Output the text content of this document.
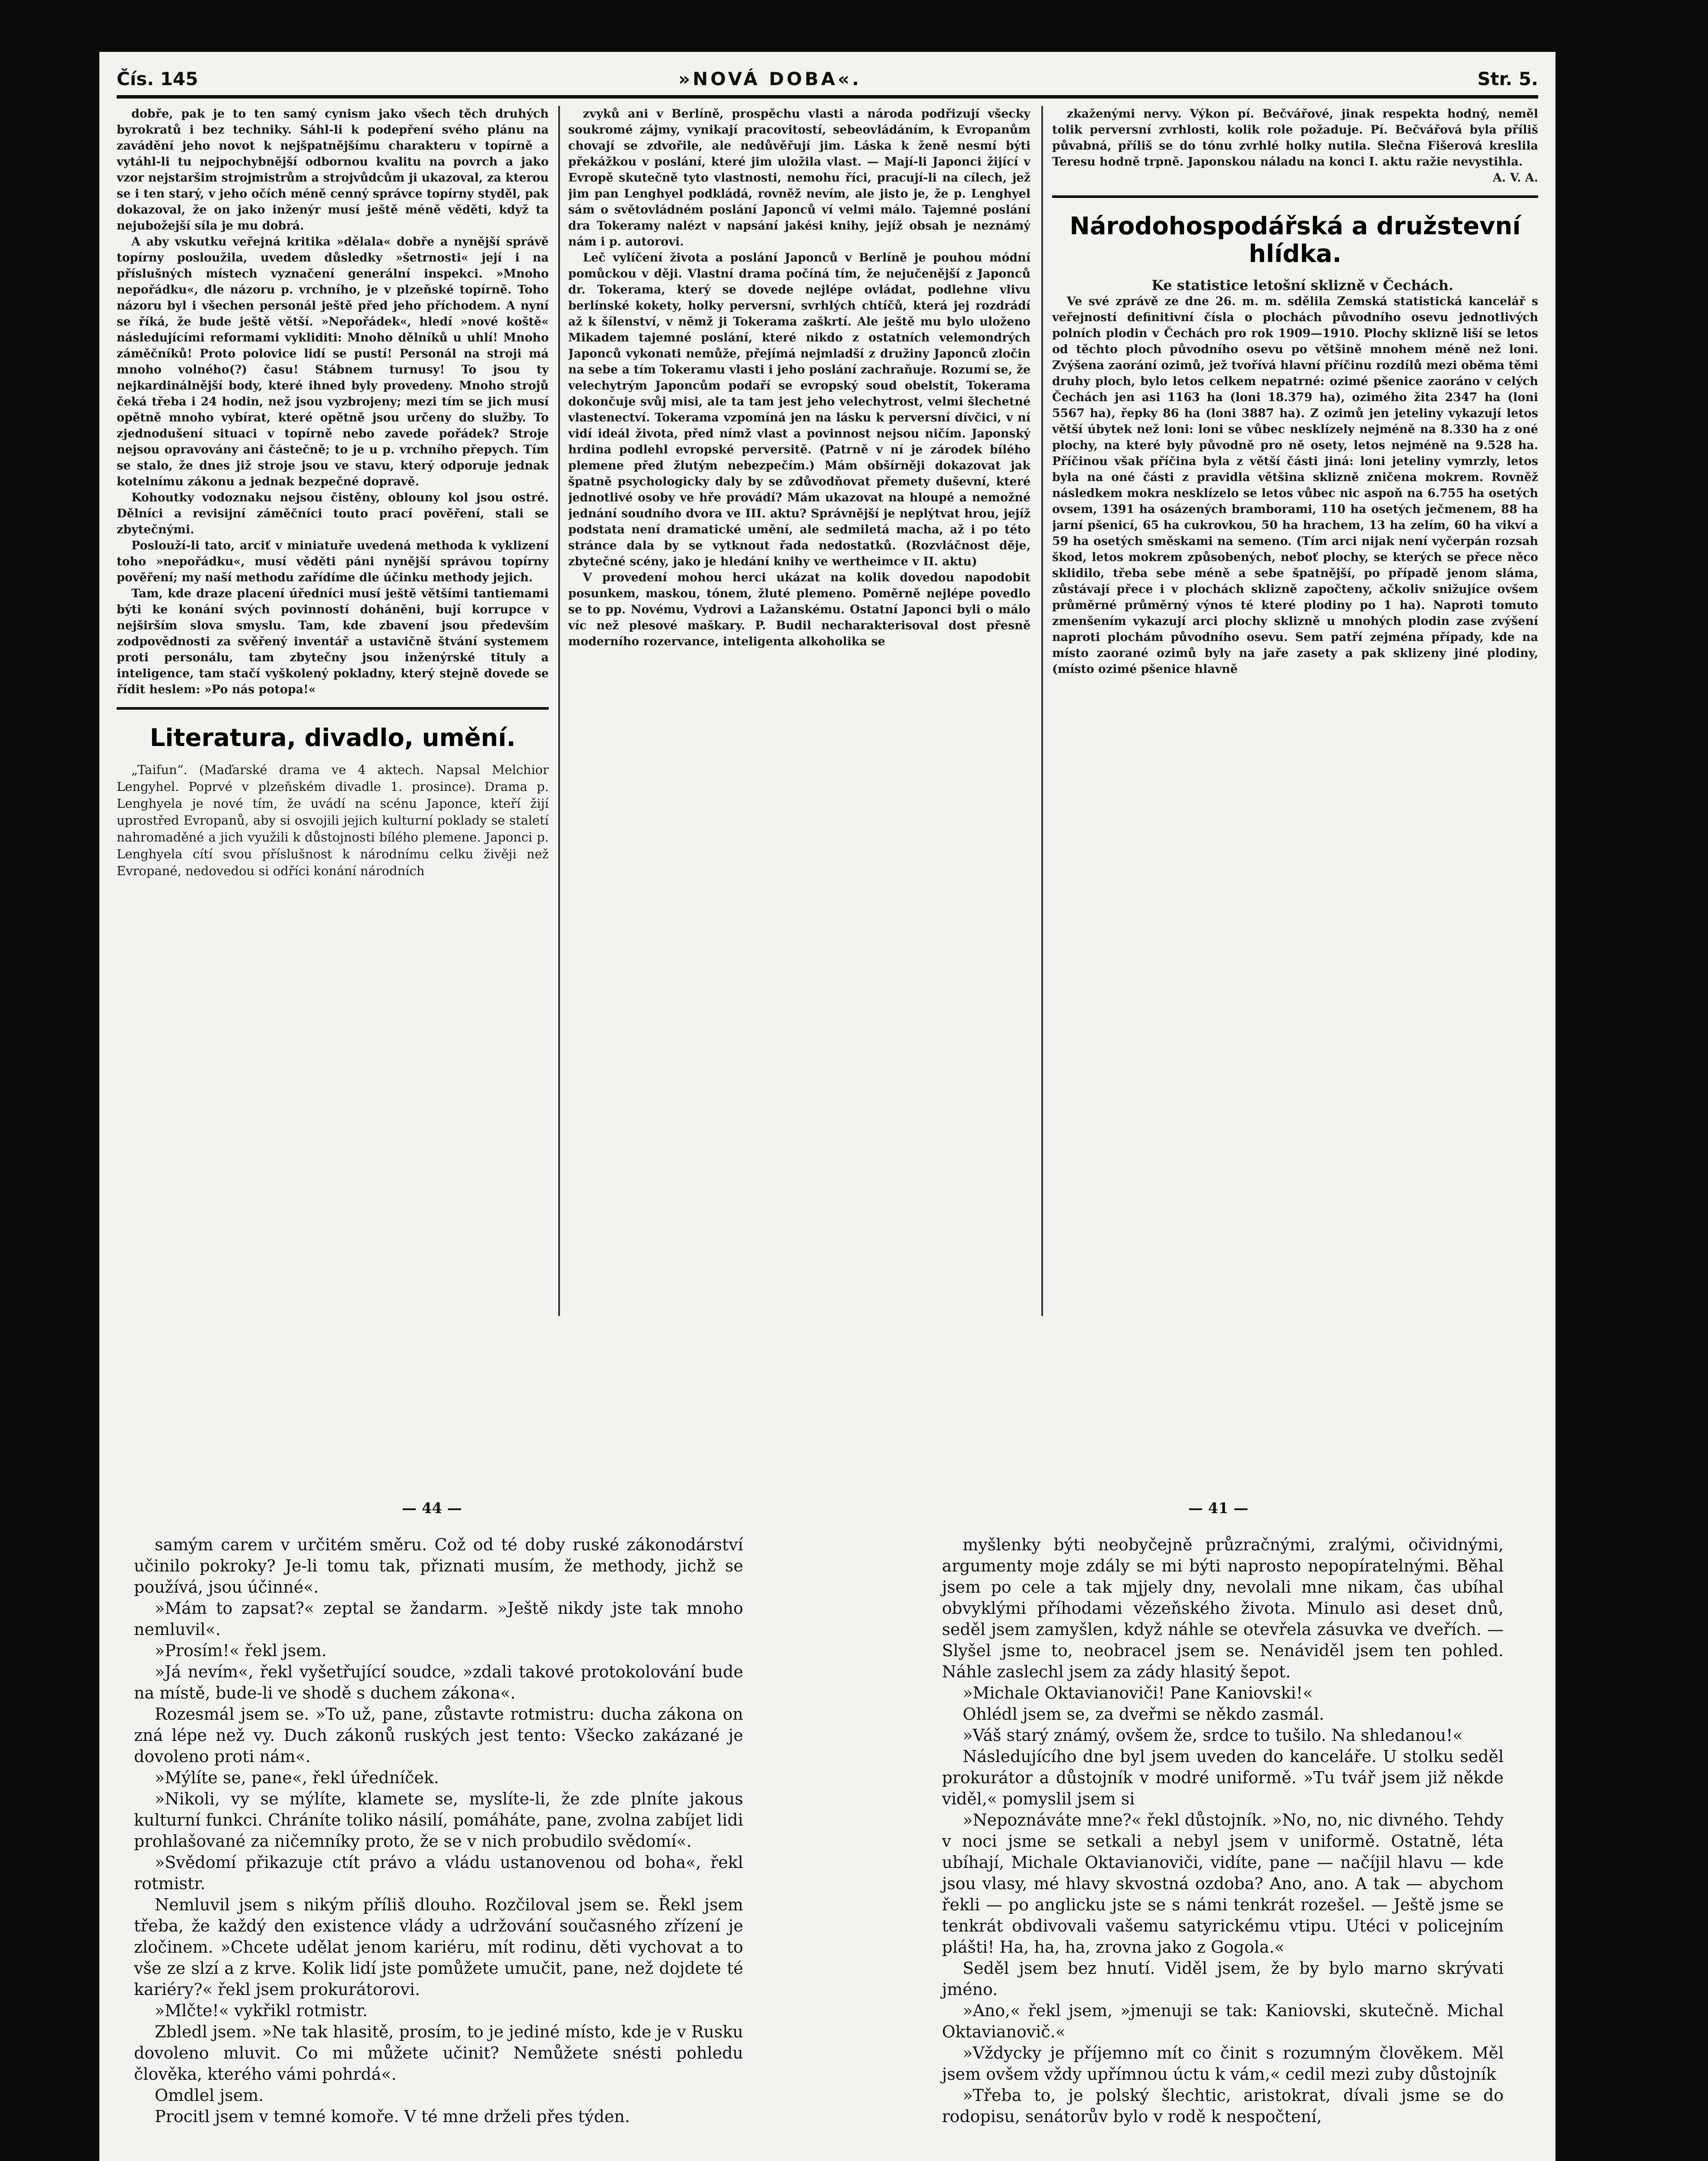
Čís. 145	»NOVÁ DOBA«.	Str. 5.

dobře, pak je to ten samý cynism jako všech těch druhých byrokratů i bez techniky. Sáhl-li k podepření svého plánu na zavádění jeho novot k nejšpatnějšímu charakteru v topírně a vytáhl-li tu nejpochybnější odbornou kvalitu na povrch a jako vzor nejstaršim strojmistrům a strojvůdcům ji ukazoval, za kterou se i ten starý, v jeho očích méně cenný správce topírny styděl, pak dokazoval, že on jako inženýr musí ještě méně věděti, když ta nejubožejší síla je mu dobrá.

A aby vskutku veřejná kritika »dělala« dobře a nynější správě topírny posloužila, uvedem důsledky »šetrnosti« její i na příslušných místech vyznačení generální inspekci. »Mnoho nepořádku«, dle názoru p. vrchního, je v plzeňské topírně. Toho názoru byl i všechen personál ještě před jeho příchodem. A nyní se říká, že bude ještě větší. »Nepořádek«, hledí »nové koště« následujícími reformami vykliditi: Mnoho dělníků u uhlí! Mnoho záměčníků! Proto polovice lidí se pustí! Personál na stroji má mnoho volného(?) času! Stábnem turnusy! To jsou ty nejkardinálnější body, které ihned byly provedeny. Mnoho strojů čeká třeba i 24 hodin, než jsou vyzbrojeny; mezi tím se jich musí opětně mnoho vybírat, které opětně jsou určeny do služby. To zjednodušení situaci v topírně nebo zavede pořádek? Stroje nejsou opravovány ani částečně; to je u p. vrchního přepych. Tím se stalo, že dnes již stroje jsou ve stavu, který odporuje jednak kotelnímu zákonu a jednak bezpečné dopravě.

Kohoutky vodoznaku nejsou čistěny, oblouny kol jsou ostré. Dělníci a revisijní záměčníci touto prací pověření, stali se zbytečnými.

Poslouží-li tato, arciť v miniatuře uvedená methoda k vyklizení toho »nepořádku«, musí věděti páni nynější správou topírny pověření; my naší methodu zařídíme dle účinku methody jejich.

Tam, kde draze placení úředníci musí ještě většími tantiemami býti ke konání svých povinností doháněni, bují korrupce v nejširším slova smyslu. Tam, kde zbavení jsou především zodpovědnosti za svěřený inventář a ustavičně štvání systemem proti personálu, tam zbytečny jsou inženýrské tituly a inteligence, tam stačí vyškolený pokladny, který stejně dovede se řídit heslem: »Po nás potopa!«

Literatura, divadlo, umění.

„Taifun“. (Maďarské drama ve 4 aktech. Napsal Melchior Lengyhel. Poprvé v plzeňském divadle 1. prosince). Drama p. Lenghyela je nové tím, že uvádí na scénu Japonce, kteří žijí uprostřed Evropanů, aby si osvojili jejich kulturní poklady se staletí nahromaděné a jich využili k důstojnosti bílého plemene. Japonci p. Lenghyela cítí svou příslušnost k národnímu celku živěji než Evropané, nedovedou si odříci konání národních

zvyků ani v Berlíně, prospěchu vlasti a národa podřizují všecky soukromé zájmy, vynikají pracovitostí, sebeovládáním, k Evropanům chovají se zdvořile, ale nedůvěřují jim. Láska k ženě nesmí býti překážkou v poslání, které jim uložila vlast. — Mají-li Japonci žijící v Evropě skutečně tyto vlastnosti, nemohu říci, pracují-li na cílech, jež jim pan Lenghyel podkládá, rovněž nevím, ale jisto je, že p. Lenghyel sám o světovládném poslání Japonců ví velmi málo. Tajemné poslání dra Tokeramy nalézt v napsání jakési knihy, jejíž obsah je neznámý nám i p. autorovi.

Leč vylíčení života a poslání Japonců v Berlíně je pouhou módní pomůckou v ději. Vlastní drama počíná tím, že nejučenější z Japonců dr. Tokerama, který se dovede nejlépe ovládat, podlehne vlivu berlínské kokety, holky perversní, svrhlých chtíčů, která jej rozdrádí až k šílenství, v němž ji Tokerama zaškrtí. Ale ještě mu bylo uloženo Mikadem tajemné poslání, které nikdo z ostatních velemondrých Japonců vykonati nemůže, přejímá nejmladší z družiny Japonců zločin na sebe a tím Tokeramu vlasti i jeho poslání zachraňuje. Rozumí se, že velechytrým Japoncům podaří se evropský soud obelstít, Tokerama dokončuje svůj misi, ale ta tam jest jeho velechytrost, velmi šlechetné vlastenectví. Tokerama vzpomíná jen na lásku k perversní dívčici, v ní vidí ideál života, před nímž vlast a povinnost nejsou ničím. Japonský hrdina podlehl evropské perversitě. (Patrně v ní je zárodek bílého plemene před žlutým nebezpečím.) Mám obšírněji dokazovat jak špatně psychologicky daly by se zdůvodňovat přemety duševní, které jednotlivé osoby ve hře provádí? Mám ukazovat na hloupé a nemožné jednání soudního dvora ve III. aktu? Správnější je neplýtvat hrou, jejíž podstata není dramatické umění, ale sedmiletá macha, až i po této stránce dala by se vytknout řada nedostatků. (Rozvláčnost děje, zbytečné scény, jako je hledání knihy ve wertheimce v II. aktu)

V provedení mohou herci ukázat na kolik dovedou napodobit posunkem, maskou, tónem, žluté plemeno. Poměrně nejlépe povedlo se to pp. Novému, Vydrovi a Lažanskému. Ostatní Japonci byli o málo víc než plesové maškary. P. Budil necharakterisoval dost přesně moderního rozervance, inteligenta alkoholika se

zkaženými nervy. Výkon pí. Bečvářové, jinak respekta hodný, neměl tolik perversní zvrhlosti, kolik role požaduje. Pí. Bečvářová byla příliš půvabná, příliš se do tónu zvrhlé holky nutila. Slečna Fišerová kreslila Teresu hodně trpně. Japonskou náladu na konci I. aktu ražie nevystihla.

A. V. A.

Národohospodářská a družstevní hlídka.

Ke statistice letošní sklizně v Čechách.

Ve své zprávě ze dne 26. m. m. sdělila Zemská statistická kancelář s veřejností definitivní čísla o plochách původního osevu jednotlivých polních plodin v Čechách pro rok 1909—1910. Plochy sklizně liší se letos od těchto ploch původního osevu po většině mnohem méně než loni. Zvýšena zaorání ozimů, jež tvořívá hlavní příčinu rozdílů mezi oběma těmi druhy ploch, bylo letos celkem nepatrné: ozimé pšenice zaoráno v celých Čechách jen asi 1163 ha (loni 18.379 ha), ozimého žita 2347 ha (loni 5567 ha), řepky 86 ha (loni 3887 ha). Z ozimů jen jeteliny vykazují letos větší úbytek než loni: loni se vůbec nesklízely nejméně na 8.330 ha z oné plochy, na které byly původně pro ně osety, letos nejméně na 9.528 ha. Příčinou však příčina byla z větší části jiná: loni jeteliny vymrzly, letos byla na oné části z pravidla většina sklizně zničena mokrem. Rovněž následkem mokra nesklízelo se letos vůbec nic aspoň na 6.755 ha osetých ovsem, 1391 ha osázených bramborami, 110 ha osetých ječmenem, 88 ha jarní pšenicí, 65 ha cukrovkou, 50 ha hrachem, 13 ha zelím, 60 ha vikví a 59 ha osetých směskami na semeno. (Tím arci nijak není vyčerpán rozsah škod, letos mokrem způsobených, neboť plochy, se kterých se přece něco sklidilo, třeba sebe méně a sebe špatnější, po případě jenom sláma, zůstávají přece i v plochách sklizně započteny, ačkoliv snižujíce ovšem průměrné průměrný výnos té které plodiny po 1 ha). Naproti tomuto zmenšením vykazují arci plochy sklizně u mnohých plodin zase zvýšení naproti plochám původního osevu. Sem patří zejména případy, kde na místo zaorané ozimů byly na jaře zasety a pak sklizeny jiné plodiny, (místo ozimé pšenice hlavně

— 44 —	— 41 —

samým carem v určitém směru. Což od té doby ruské zákonodárství učinilo pokroky? Je-li tomu tak, přiznati musím, že methody, jichž se používá, jsou účinné«.

»Mám to zapsat?« zeptal se žandarm. »Ještě nikdy jste tak mnoho nemluvil«.

»Prosím!« řekl jsem.

»Já nevím«, řekl vyšetřující soudce, »zdali takové protokolování bude na místě, bude-li ve shodě s duchem zákona«.

Rozesmál jsem se. »To už, pane, zůstavte rotmistru: ducha zákona on zná lépe než vy. Duch zákonů ruských jest tento: Všecko zakázané je dovoleno proti nám«.

»Mýlíte se, pane«, řekl úředníček.

»Nikoli, vy se mýlíte, klamete se, myslíte-li, že zde plníte jakous kulturní funkci. Chráníte toliko násilí, pomáháte, pane, zvolna zabíjet lidi prohlašované za ničemníky proto, že se v nich probudilo svědomí«.

»Svědomí přikazuje ctít právo a vládu ustanovenou od boha«, řekl rotmistr.

Nemluvil jsem s nikým příliš dlouho. Rozčiloval jsem se. Řekl jsem třeba, že každý den existence vlády a udržování současného zřízení je zločinem. »Chcete udělat jenom kariéru, mít rodinu, děti vychovat a to vše ze slzí a z krve. Kolik lidí jste pomůžete umučit, pane, než dojdete té kariéry?« řekl jsem prokurátorovi.

»Mlčte!« vykřikl rotmistr.

Zbledl jsem. »Ne tak hlasitě, prosím, to je jediné místo, kde je v Rusku dovoleno mluvit. Co mi můžete učinit? Nemůžete snésti pohledu člověka, kterého vámi pohrdá«.

Omdlel jsem.

Procitl jsem v temné komoře. V té mne drželi přes týden.

myšlenky býti neobyčejně průzračnými, zralými, očividnými, argumenty moje zdály se mi býti naprosto nepopíratelnými. Běhal jsem po cele a tak mjjely dny, nevolali mne nikam, čas ubíhal obvyklými příhodami vězeňského života. Minulo asi deset dnů, seděl jsem zamyšlen, když náhle se otevřela zásuvka ve dveřích. — Slyšel jsme to, neobracel jsem se. Nenáviděl jsem ten pohled. Náhle zaslechl jsem za zády hlasitý šepot.

»Michale Oktavianoviči! Pane Kaniovski!«

Ohlédl jsem se, za dveřmi se někdo zasmál.

»Váš starý známý, ovšem že, srdce to tušilo. Na shledanou!«

Následujícího dne byl jsem uveden do kanceláře. U stolku seděl prokurátor a důstojník v modré uniformě. »Tu tvář jsem již někde viděl,« pomyslil jsem si

»Nepoznáváte mne?« řekl důstojník. »No, no, nic divného. Tehdy v noci jsme se setkali a nebyl jsem v uniformě. Ostatně, léta ubíhají, Michale Oktavianoviči, vidíte, pane — načíjil hlavu — kde jsou vlasy, mé hlavy skvostná ozdoba? Ano, ano. A tak — abychom řekli — po anglicku jste se s námi tenkrát rozešel. — Ještě jsme se tenkrát obdivovali vašemu satyrickému vtipu. Utéci v policejním plášti! Ha, ha, ha, zrovna jako z Gogola.«

Seděl jsem bez hnutí. Viděl jsem, že by bylo marno skrývati jméno.

»Ano,« řekl jsem, »jmenuji se tak: Kaniovski, skutečně. Michal Oktavianovič.«

»Vždycky je příjemno mít co činit s rozumným člověkem. Měl jsem ovšem vždy upřímnou úctu k vám,« cedil mezi zuby důstojník

»Třeba to, je polský šlechtic, aristokrat, dívali jsme se do rodopisu, senátorův bylo v rodě k nespočtení,
